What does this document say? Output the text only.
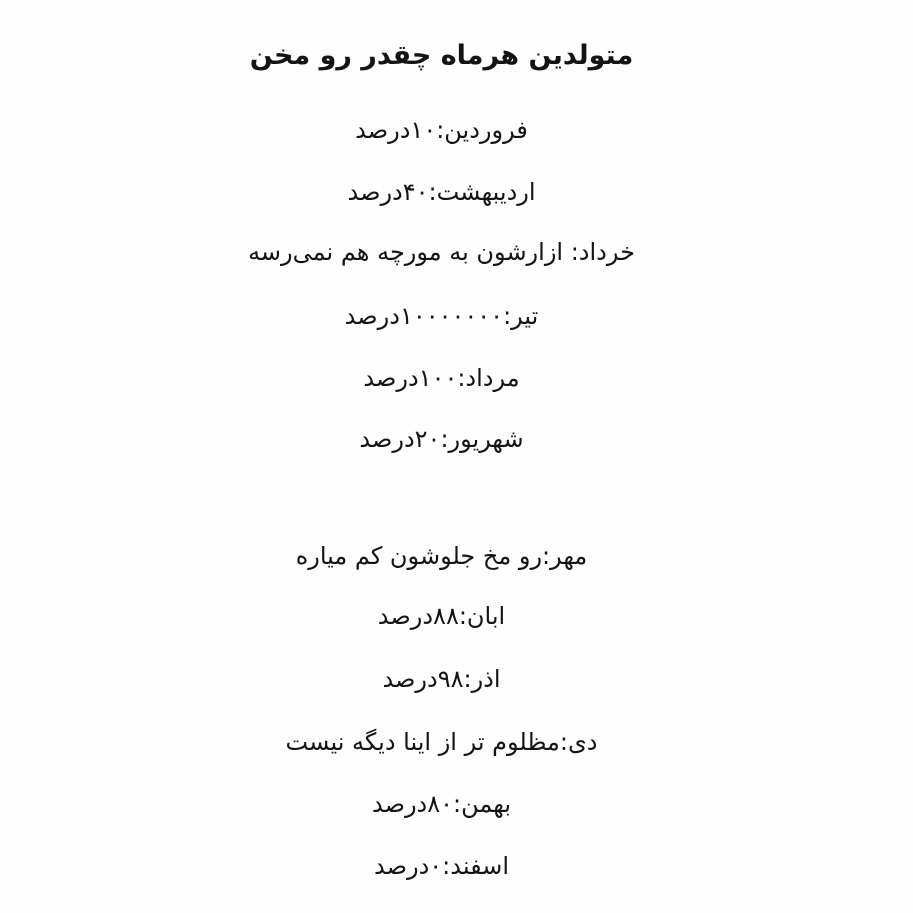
متولدین هرماه چقدر رو مخن
فروردین:۱۰درصد
اردیبهشت:۴۰درصد
خرداد: ازارشون به مورچه هم نمی‌رسه
تیر:۱۰۰۰۰۰۰۰درصد
مرداد:۱۰۰درصد
شهریور:۲۰درصد
مهر:رو مخ جلوشون کم میاره
ابان:۸۸درصد
اذر:۹۸درصد
دی:مظلوم تر از اینا دیگه نیست
بهمن:۸۰درصد
اسفند:۰درصد
